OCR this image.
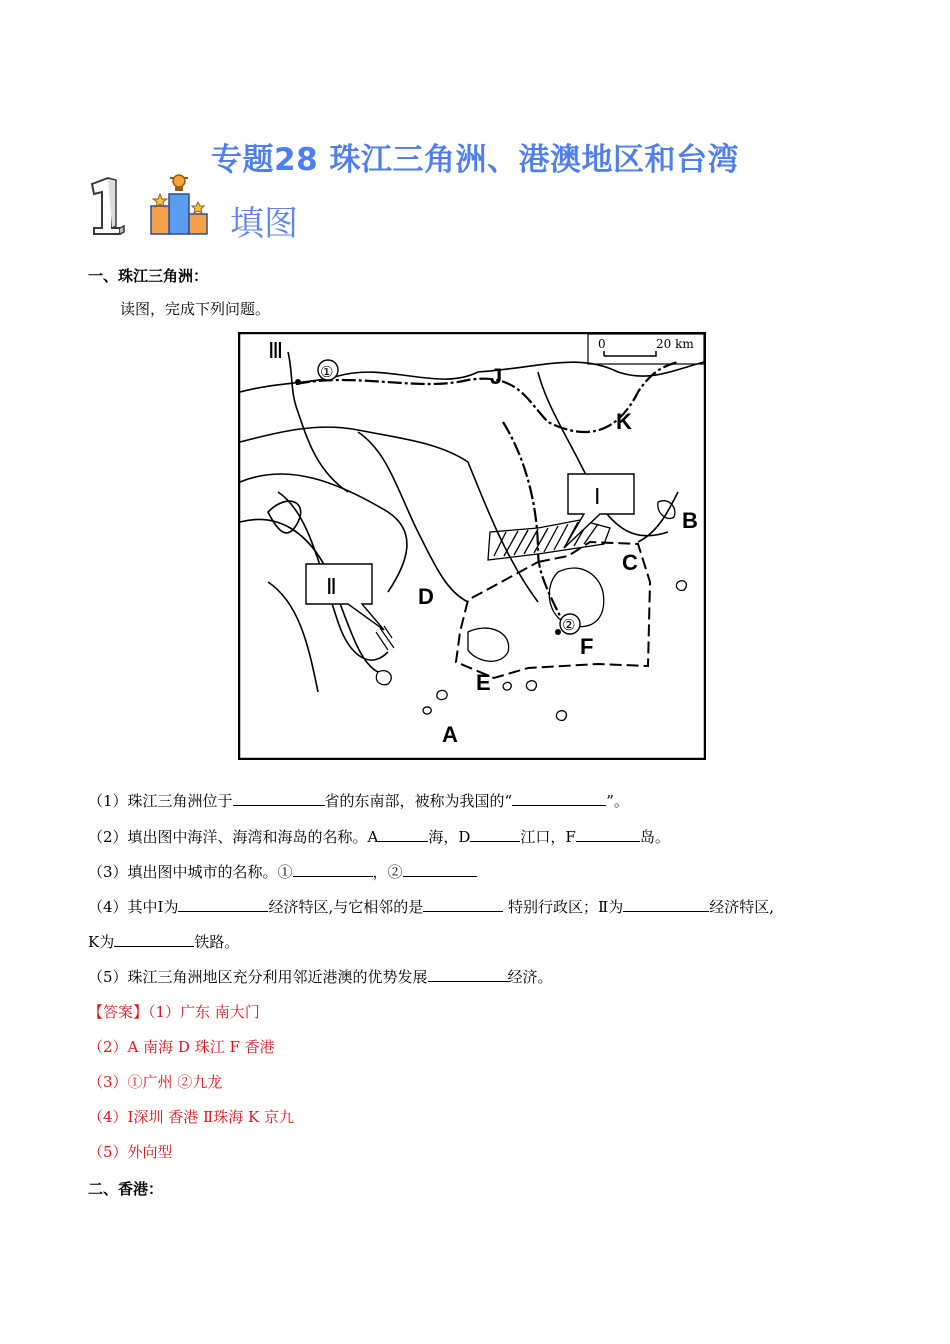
专题28 珠江三角洲、港澳地区和台湾
填图
一、珠江三角洲：
读图，完成下列问题。
0	20 km
Ⅲ
①	J
K
Ⅰ
B
C
Ⅱ	D
②
F
E
A
（1）珠江三角洲位于	省的东南部，被称为我国的“	”。
（2）填出图中海洋、海湾和海岛的名称。A	海，D	江口，F	岛。
（3）填出图中城市的名称。①	，②
（4）其中Ⅰ为	经济特区,与它相邻的是	特别行政区；Ⅱ为	经济特区,
K为	铁路。
（5）珠江三角洲地区充分利用邻近港澳的优势发展	经济。
【答案】（1）广东 南大门
（2）A 南海 D 珠江 F 香港
（3）①广州 ②九龙
（4）Ⅰ深圳 香港 Ⅱ珠海 K 京九
（5）外向型
二、香港：
